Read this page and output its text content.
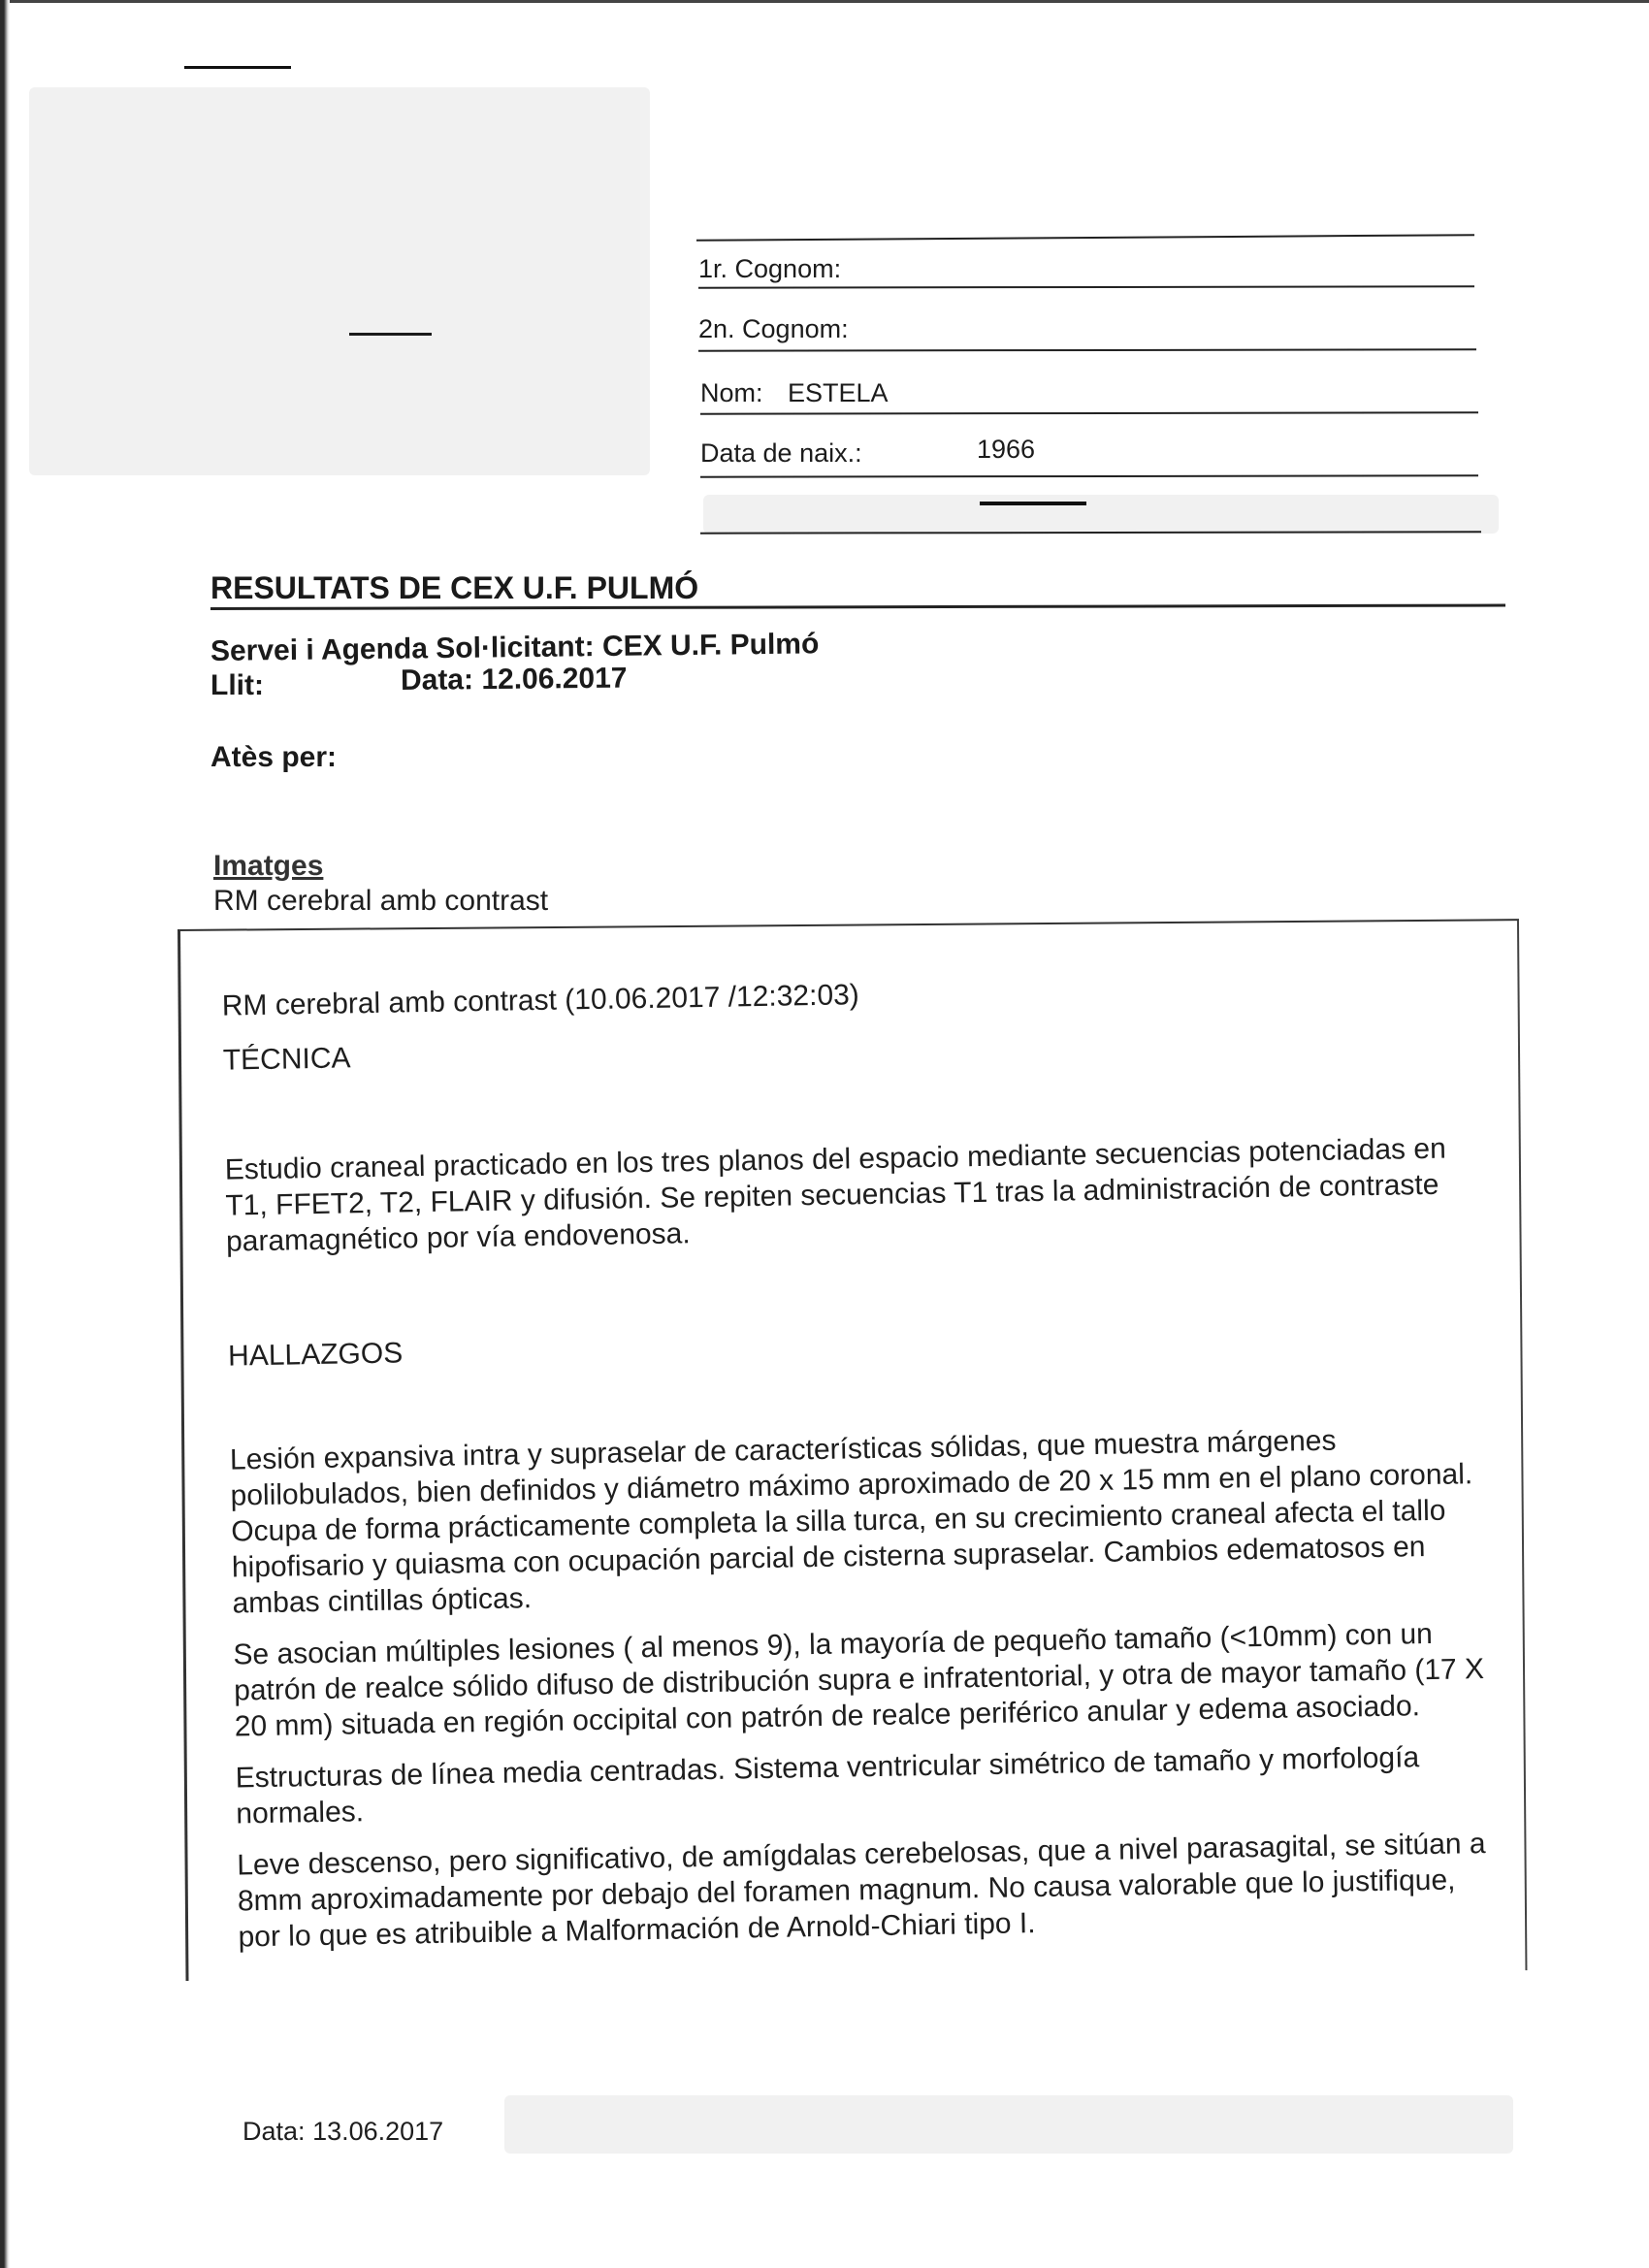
1r. Cognom:
2n. Cognom:
Nom: ESTELA
Data de naix.:	1966
RESULTATS DE CEX U.F. PULMÓ
Servei i Agenda Sol·licitant: CEX U.F. Pulmó
Llit:	Data: 12.06.2017
Atès per:
Imatges
RM cerebral amb contrast
RM cerebral amb contrast (10.06.2017 /12:32:03)
TÉCNICA

Estudio craneal practicado en los tres planos del espacio mediante secuencias potenciadas en T1, FFET2, T2, FLAIR y difusión. Se repiten secuencias T1 tras la administración de contraste paramagnético por vía endovenosa.

HALLAZGOS

Lesión expansiva intra y supraselar de características sólidas, que muestra márgenes polilobulados, bien definidos y diámetro máximo aproximado de 20 x 15 mm en el plano coronal. Ocupa de forma prácticamente completa la silla turca, en su crecimiento craneal afecta el tallo hipofisario y quiasma con ocupación parcial de cisterna supraselar. Cambios edematosos en ambas cintillas ópticas.

Se asocian múltiples lesiones ( al menos 9), la mayoría de pequeño tamaño (<10mm) con un patrón de realce sólido difuso de distribución supra e infratentorial, y otra de mayor tamaño (17 X 20 mm) situada en región occipital con patrón de realce periférico anular y edema asociado.

Estructuras de línea media centradas. Sistema ventricular simétrico de tamaño y morfología normales.

Leve descenso, pero significativo, de amígdalas cerebelosas, que a nivel parasagital, se sitúan a 8mm aproximadamente por debajo del foramen magnum. No causa valorable que lo justifique, por lo que es atribuible a Malformación de Arnold-Chiari tipo I.

Data: 13.06.2017
